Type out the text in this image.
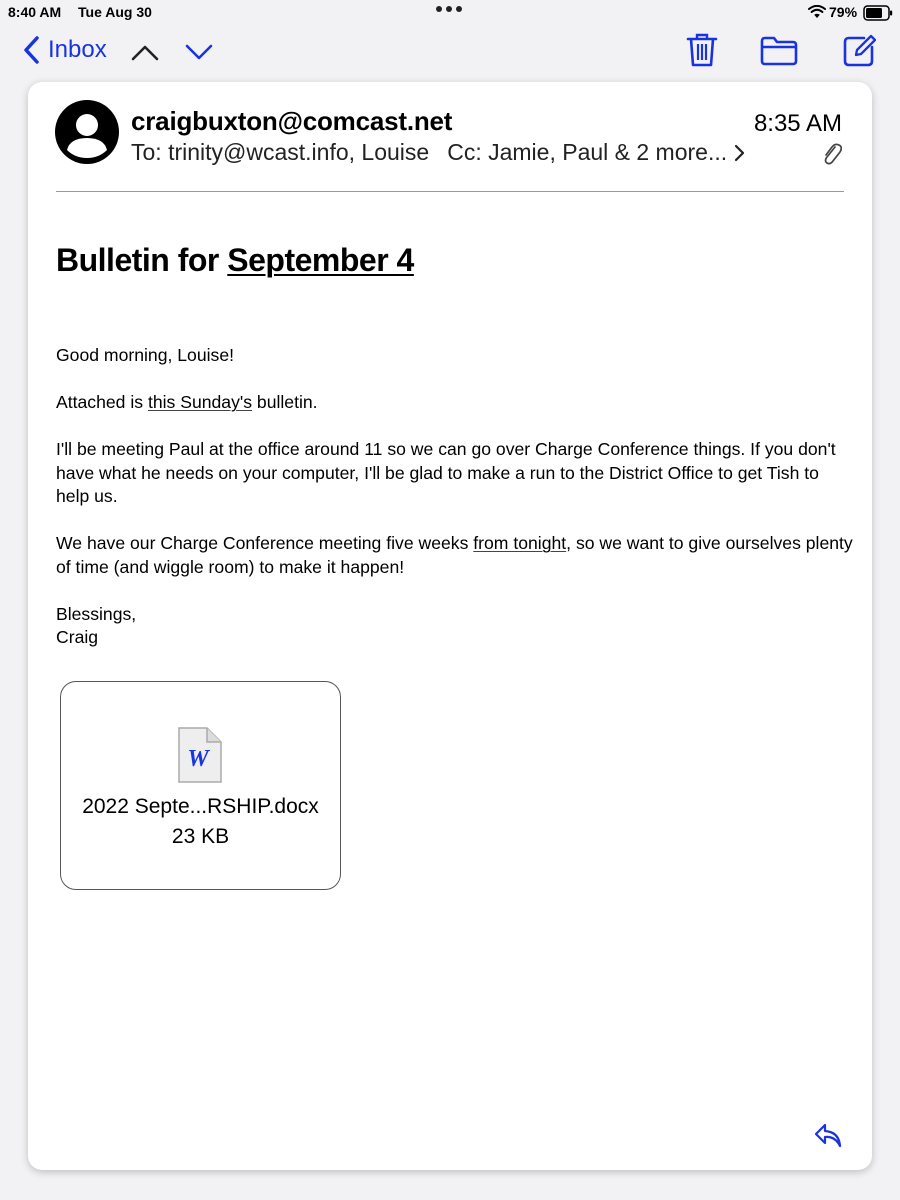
8:40 AM Tue Aug 30	79%
Inbox
craigbuxton@comcast.net	8:35 AM
To: trinity@wcast.info, Louise Cc: Jamie, Paul & 2 more...
Bulletin for September 4

Good morning, Louise!

Attached is this Sunday's bulletin.

I'll be meeting Paul at the office around 11 so we can go over Charge Conference things. If you don't have what he needs on your computer, I'll be glad to make a run to the District Office to get Tish to help us.

We have our Charge Conference meeting five weeks from tonight, so we want to give ourselves plenty of time (and wiggle room) to make it happen!

Blessings,
Craig

W
2022 Septe...RSHIP.docx
23 KB
